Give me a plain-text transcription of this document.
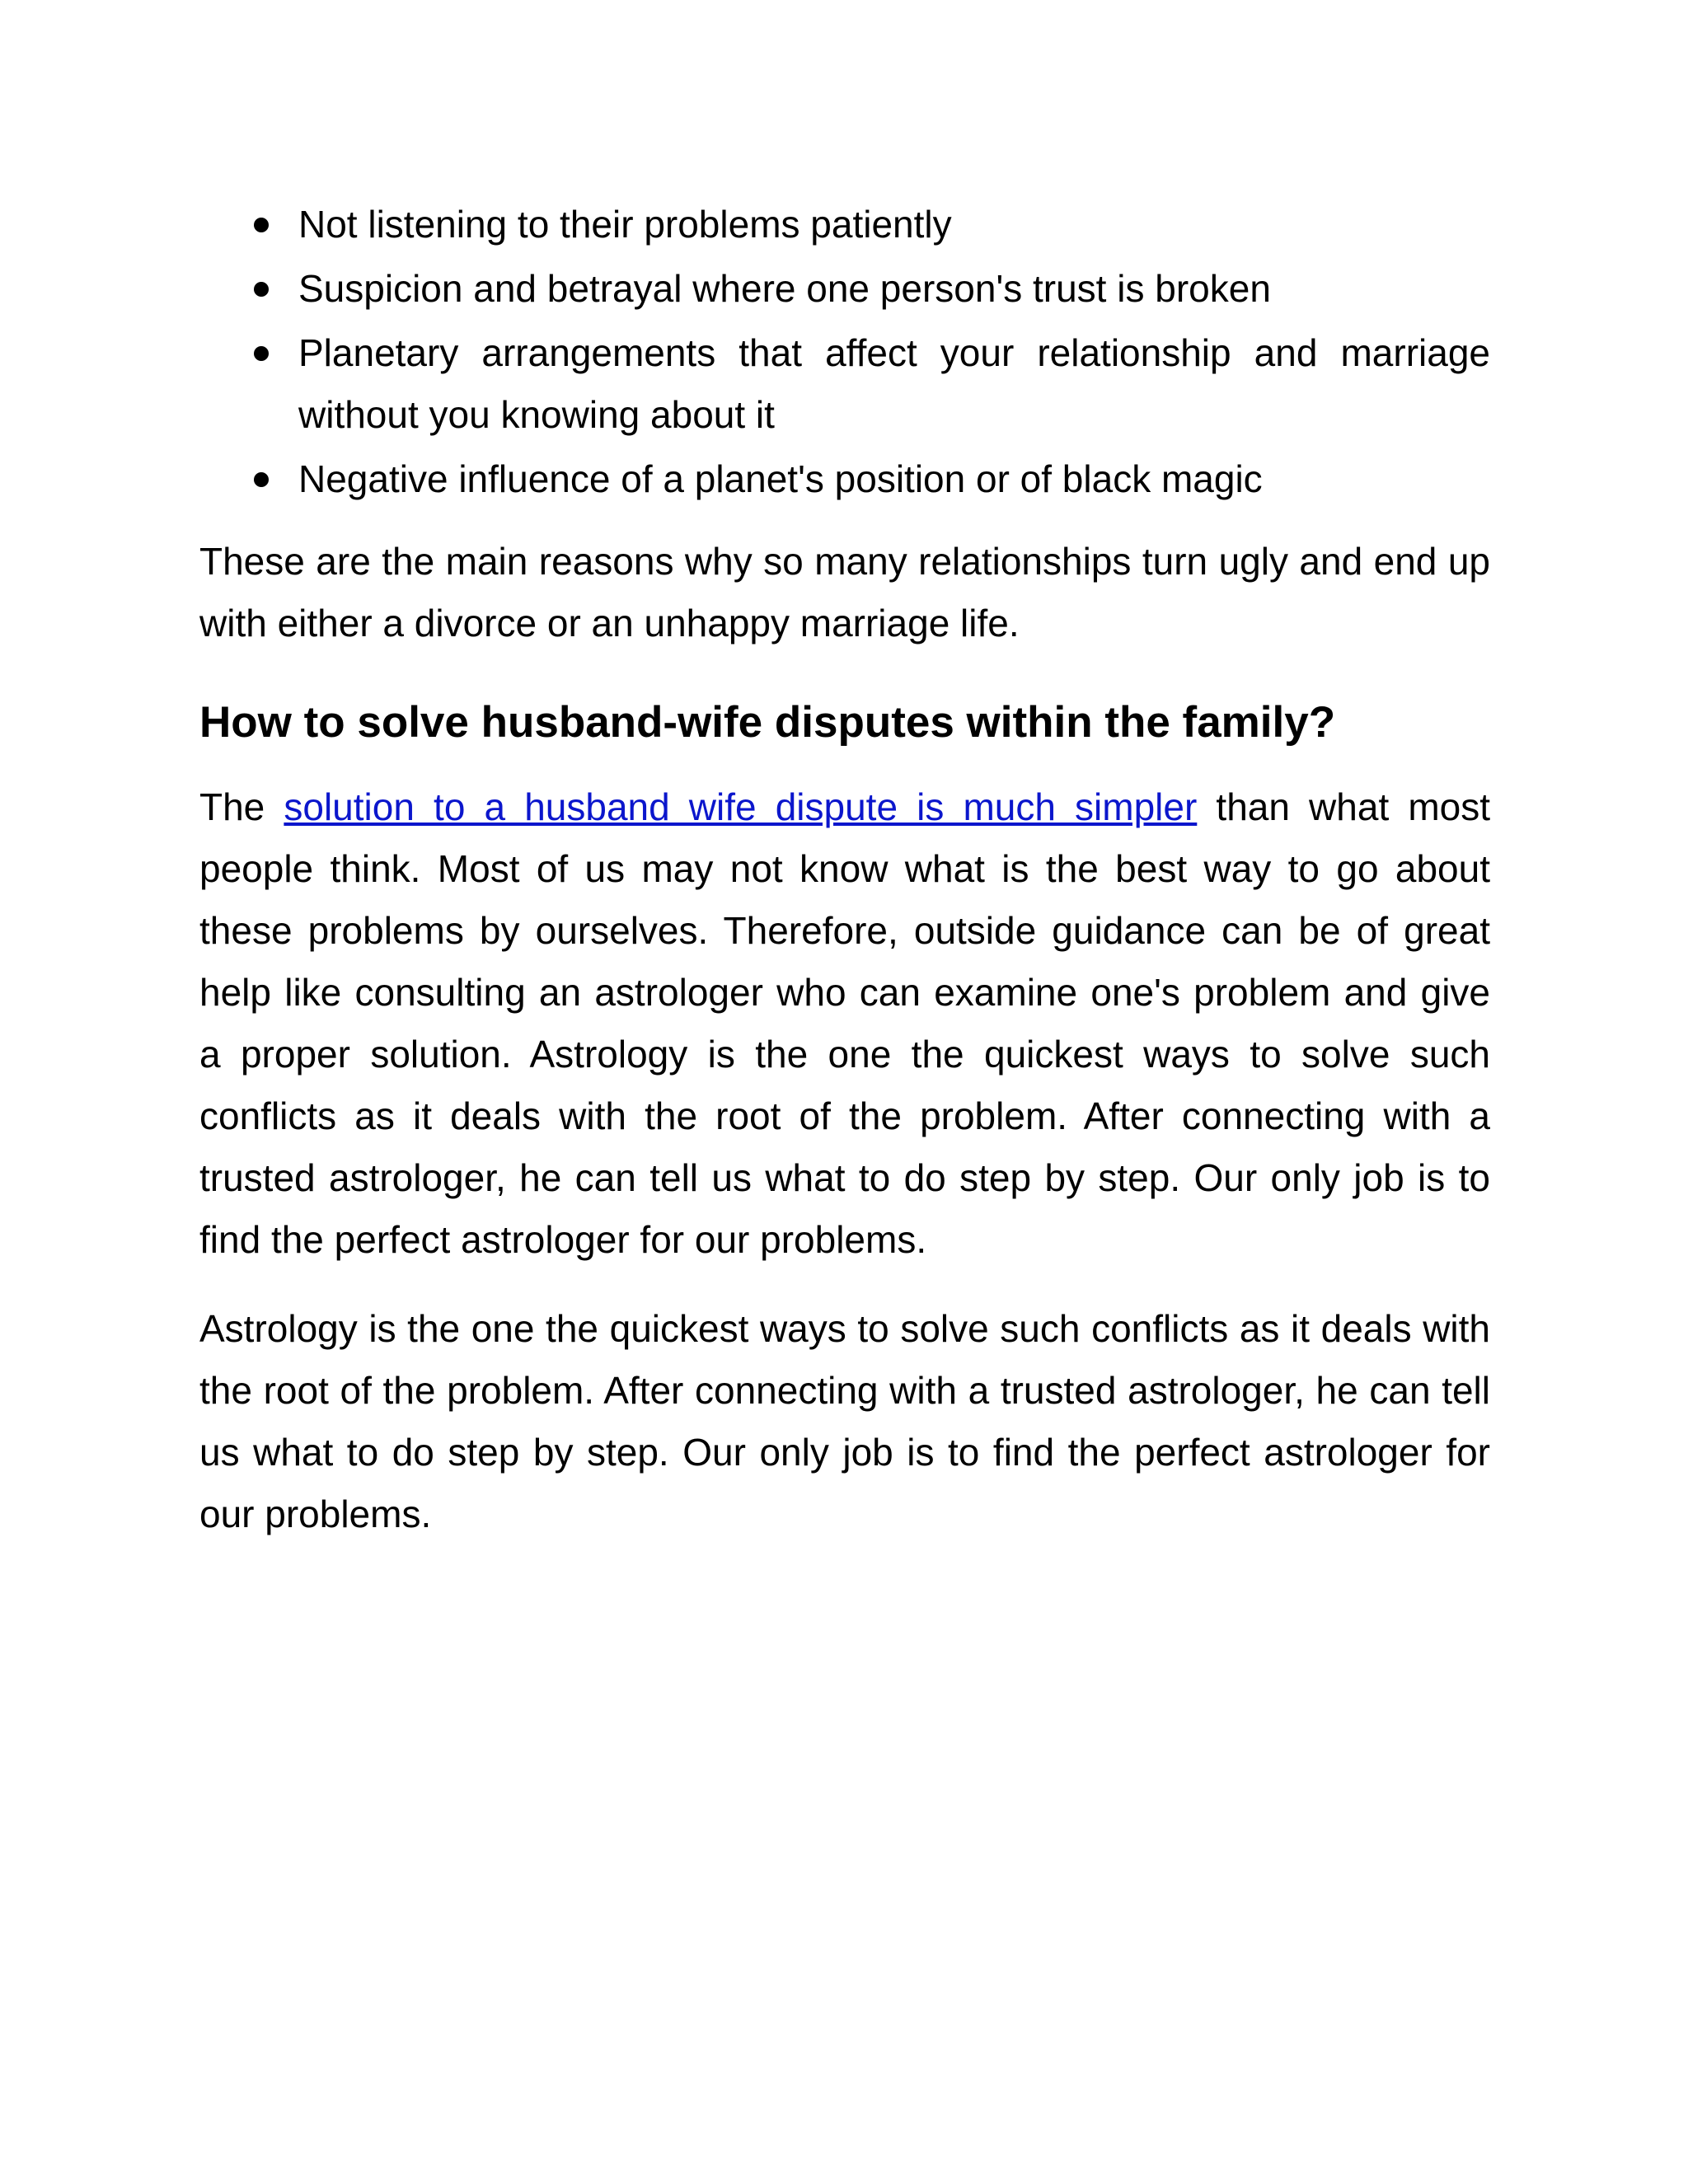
Not listening to their problems patiently
Suspicion and betrayal where one person's trust is broken
Planetary arrangements that affect your relationship and marriage without you knowing about it
Negative influence of a planet's position or of black magic

These are the main reasons why so many relationships turn ugly and end up with either a divorce or an unhappy marriage life.

How to solve husband-wife disputes within the family?

The solution to a husband wife dispute is much simpler than what most people think. Most of us may not know what is the best way to go about these problems by ourselves. Therefore, outside guidance can be of great help like consulting an astrologer who can examine one's problem and give a proper solution. Astrology is the one the quickest ways to solve such conflicts as it deals with the root of the problem. After connecting with a trusted astrologer, he can tell us what to do step by step. Our only job is to find the perfect astrologer for our problems.

Astrology is the one the quickest ways to solve such conflicts as it deals with the root of the problem. After connecting with a trusted astrologer, he can tell us what to do step by step. Our only job is to find the perfect astrologer for our problems.
